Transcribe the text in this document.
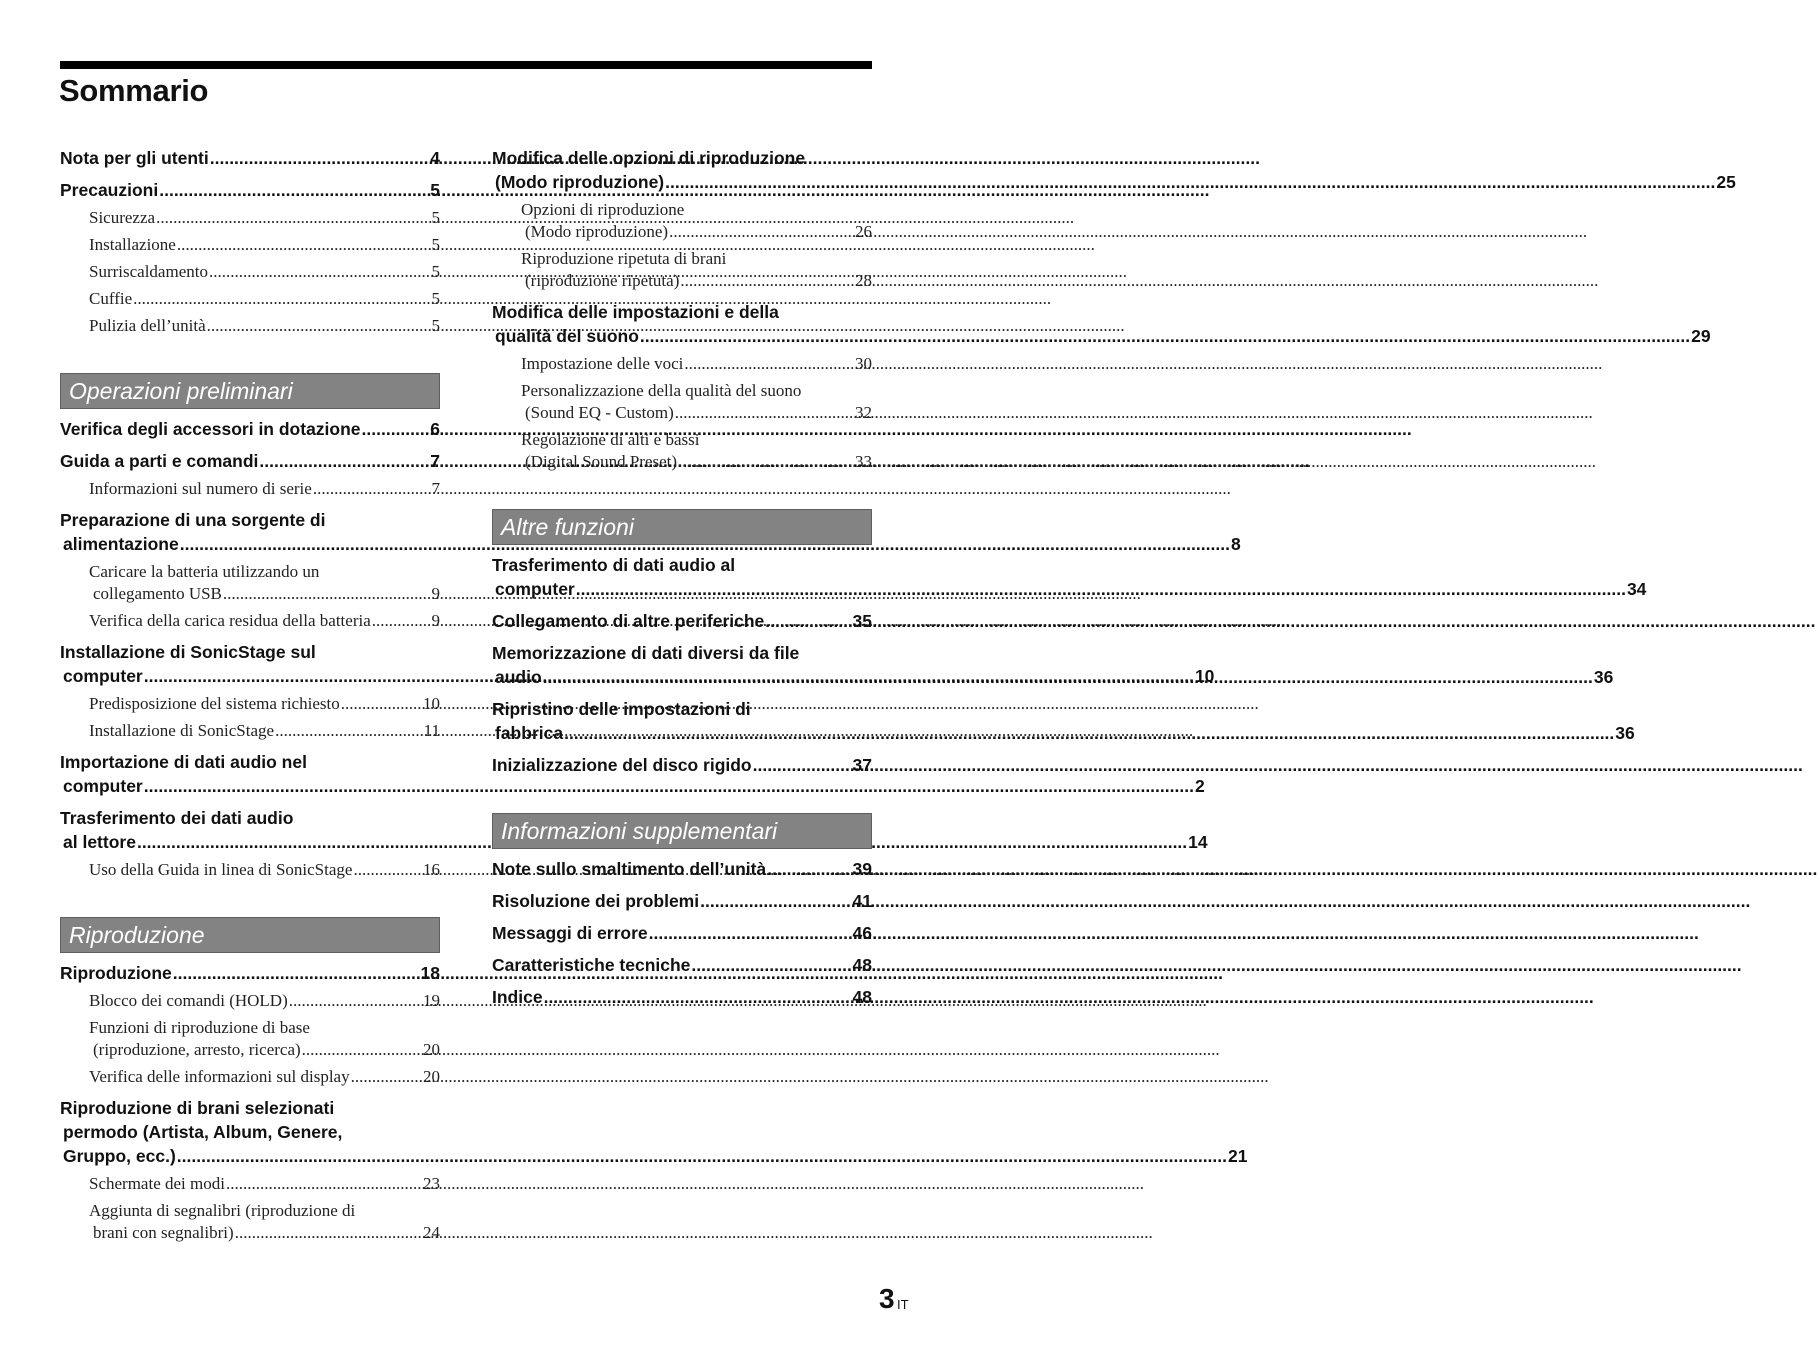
Sommario
Nota per gli utenti .....	4
Precauzioni .....	5
Sicurezza .....	5
Installazione .....	5
Surriscaldamento .....	5
Cuffie .....	5
Pulizia dell’unità .....	5
Operazioni preliminari
Verifica degli accessori in dotazione .....	6
Guida a parti e comandi .....	7
Informazioni sul numero di serie .....	7
Preparazione di una sorgente di
alimentazione .....	8
Caricare la batteria utilizzando un
collegamento USB .....	9
Verifica della carica residua della batteria .....	9
Installazione di SonicStage sul
computer .....	10
Predisposizione del sistema richiesto .....	10
Installazione di SonicStage .....	11
Importazione di dati audio nel
computer .....	2
Trasferimento dei dati audio
al lettore .....	14
Uso della Guida in linea di SonicStage .....	16
Riproduzione
Riproduzione .....	18
Blocco dei comandi (HOLD) .....	19
Funzioni di riproduzione di base
(riproduzione, arresto, ricerca) .....	20
Verifica delle informazioni sul display .....	20
Riproduzione di brani selezionati
permodo (Artista, Album, Genere,
Gruppo, ecc.) .....	21
Schermate dei modi .....	23
Aggiunta di segnalibri (riproduzione di
brani con segnalibri) .....	24
Modifica delle opzioni di riproduzione
(Modo riproduzione) .....	25
Opzioni di riproduzione
(Modo riproduzione) .....	26
Riproduzione ripetuta di brani
(riproduzione ripetuta) .....	28
Modifica delle impostazioni e della
qualità del suono .....	29
Impostazione delle voci .....	30
Personalizzazione della qualità del suono
(Sound EQ - Custom) .....	32
Regolazione di alti e bassi
(Digital Sound Preset) .....	33
Altre funzioni
Trasferimento di dati audio al
computer .....	34
Collegamento di altre periferiche .....	35
Memorizzazione di dati diversi da file
audio .....	36
Ripristino delle impostazioni di
fabbrica .....	36
Inizializzazione del disco rigido .....	37
Informazioni supplementari
Note sullo smaltimento dell’unità .....	39
Risoluzione dei problemi .....	41
Messaggi di errore .....	46
Caratteristiche tecniche .....	48
Indice .....	48
3 IT
